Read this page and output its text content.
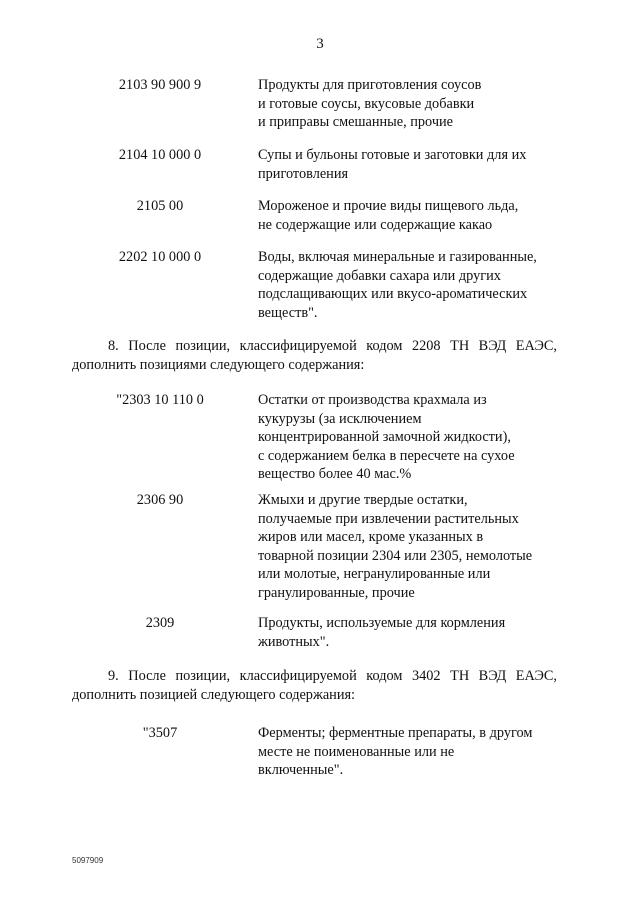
3
2103 90 900 9	Продукты для приготовления соусов
и готовые соусы, вкусовые добавки
и приправы смешанные, прочие
2104 10 000 0	Супы и бульоны готовые и заготовки для их
приготовления
2105 00	Мороженое и прочие виды пищевого льда,
не содержащие или содержащие какао
2202 10 000 0	Воды, включая минеральные и газированные,
содержащие добавки сахара или других
подслащивающих или вкусо-ароматических
веществ".
8. После позиции, классифицируемой кодом 2208 ТН ВЭД ЕАЭС,
дополнить позициями следующего содержания:
"2303 10 110 0	Остатки от производства крахмала из
кукурузы (за исключением
концентрированной замочной жидкости),
с содержанием белка в пересчете на сухое
вещество более 40 мас.%
2306 90	Жмыхи и другие твердые остатки,
получаемые при извлечении растительных
жиров или масел, кроме указанных в
товарной позиции 2304 или 2305, немолотые
или молотые, негранулированные или
гранулированные, прочие
2309	Продукты, используемые для кормления
животных".
9. После позиции, классифицируемой кодом 3402 ТН ВЭД ЕАЭС,
дополнить позицией следующего содержания:
"3507	Ферменты; ферментные препараты, в другом
месте не поименованные или не
включенные".
5097909
